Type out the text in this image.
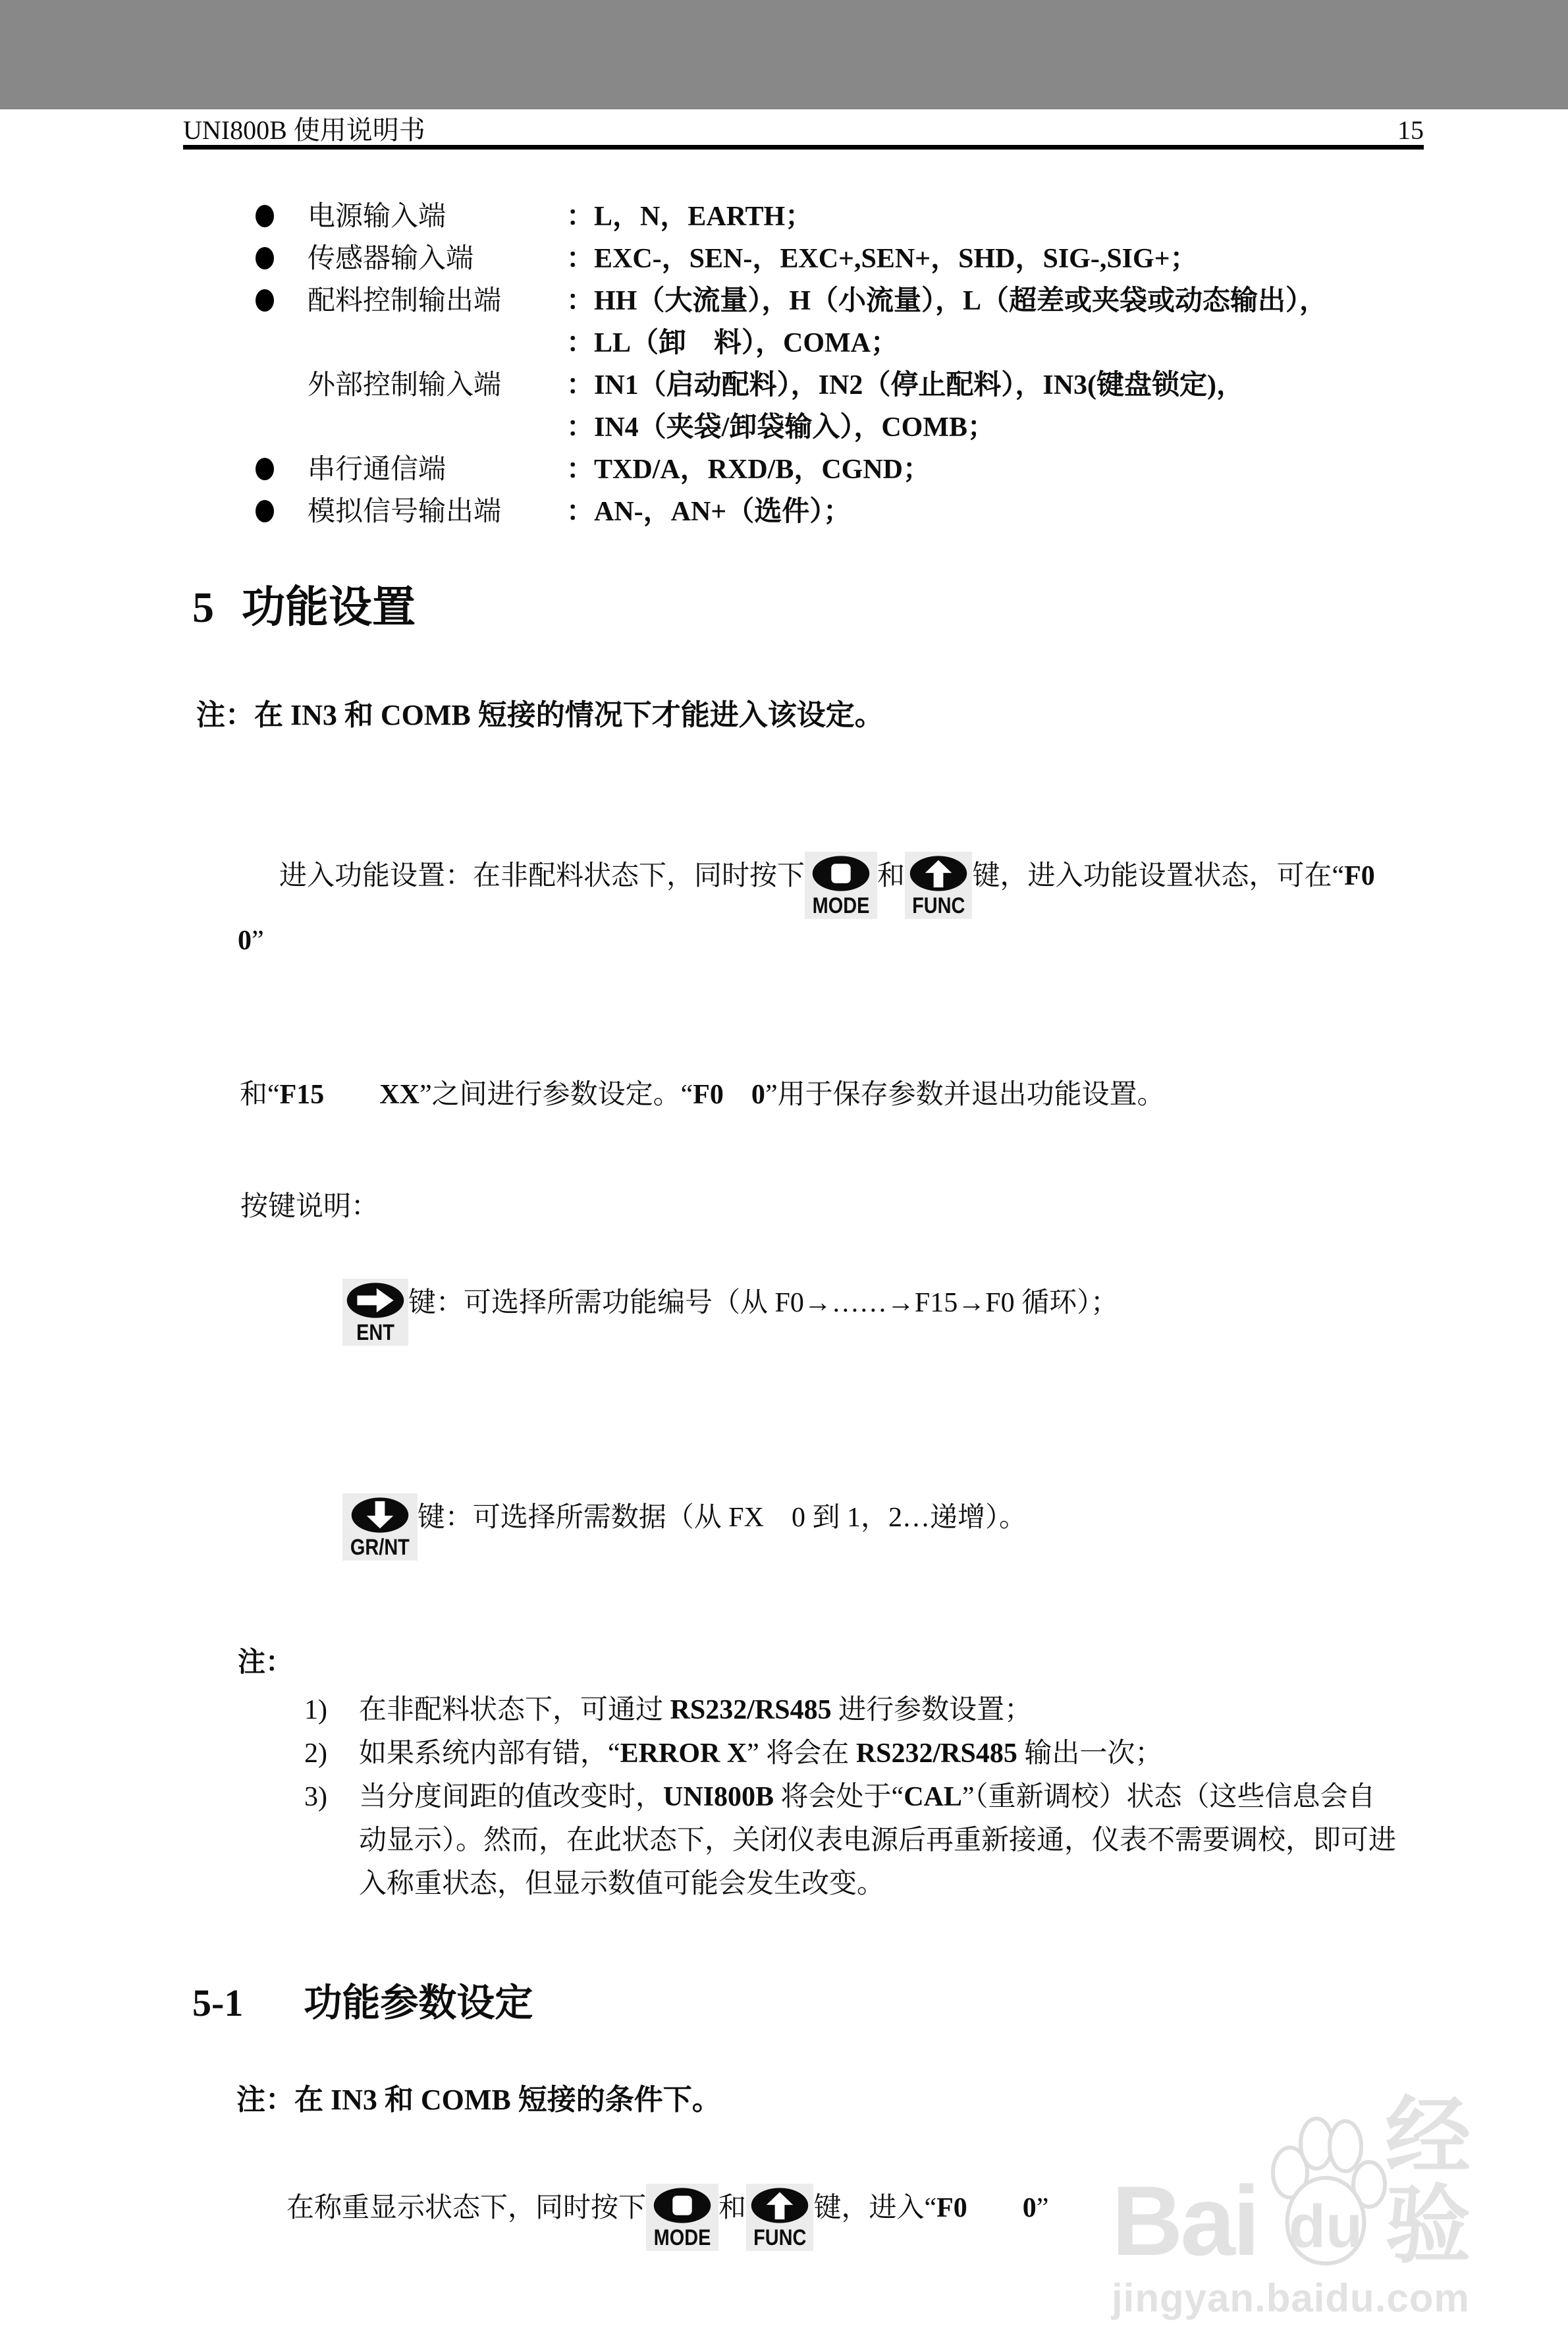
UNI800B 使用说明书	15
电源输入端	：L，N，EARTH；
传感器输入端	：EXC-，SEN-，EXC+,SEN+，SHD，SIG-,SIG+；
配料控制输出端	：HH（大流量），H（小流量），L（超差或夹袋或动态输出），
：LL（卸　料），COMA；
外部控制输入端	：IN1（启动配料），IN2（停止配料），IN3(键盘锁定)，
：IN4（夹袋/卸袋输入），COMB；
串行通信端	：TXD/A，RXD/B，CGND；
模拟信号输出端	：AN-，AN+（选件）；
5 功能设置
注：在 IN3 和 COMB 短接的情况下才能进入该设定。

进入功能设置：在非配料状态下，同时按下
MODE
和
FUNC
键，进入功能设置状态，可在“F0　　0”

和“F15　　XX”之间进行参数设定。“F0　0”用于保存参数并退出功能设置。

按键说明：

ENT
键：可选择所需功能编号（从 F0→……→F15→F0 循环）；

GR/NT
键：可选择所需数据（从 FX　0 到 1，2…递增）。

注：
1)	在非配料状态下，可通过 RS232/RS485 进行参数设置；
2)	如果系统内部有错，“ERROR X” 将会在 RS232/RS485 输出一次；
3)	当分度间距的值改变时，UNI800B 将会处于“CAL”（重新调校）状态（这些信息会自
动显示）。然而，在此状态下，关闭仪表电源后再重新接通，仪表不需要调校，即可进
入称重状态，但显示数值可能会发生改变。
5-1 功能参数设定
注：在 IN3 和 COMB 短接的条件下。

在称重显示状态下，同时按下
MODE
和
FUNC
键，进入“F0　　0”
Bai du
经验
jingyan.baidu.com
